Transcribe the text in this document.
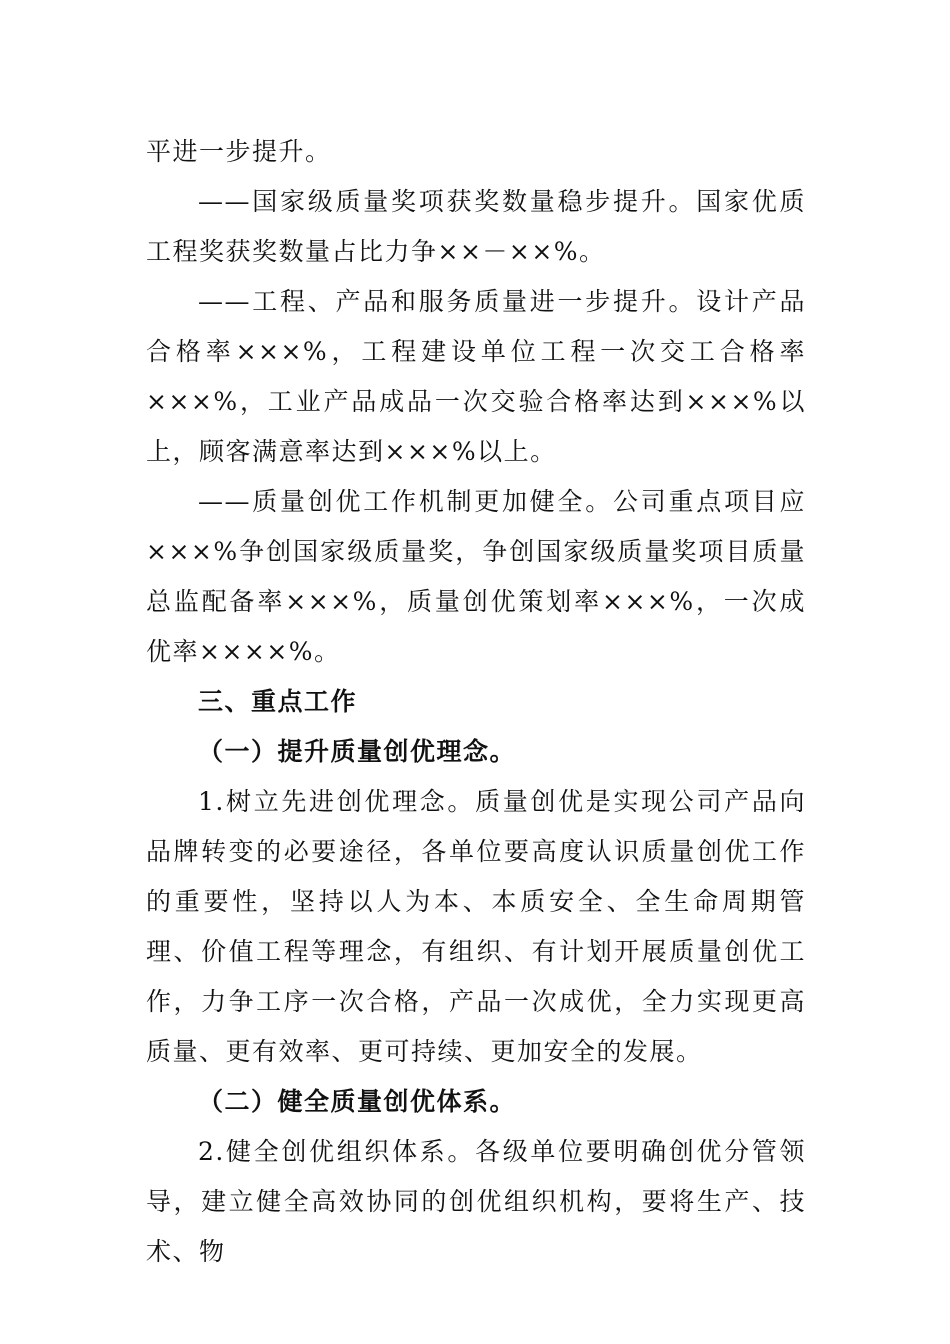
平进一步提升。

——国家级质量奖项获奖数量稳步提升。国家优质工程奖获奖数量占比力争××－××%。

——工程、产品和服务质量进一步提升。设计产品合格率×××%，工程建设单位工程一次交工合格率×××%，工业产品成品一次交验合格率达到×××%以上，顾客满意率达到×××%以上。

——质量创优工作机制更加健全。公司重点项目应×××%争创国家级质量奖，争创国家级质量奖项目质量总监配备率×××%，质量创优策划率×××%，一次成优率××××%。

三、重点工作

（一）提升质量创优理念。

1.树立先进创优理念。质量创优是实现公司产品向品牌转变的必要途径，各单位要高度认识质量创优工作的重要性，坚持以人为本、本质安全、全生命周期管理、价值工程等理念，有组织、有计划开展质量创优工作，力争工序一次合格，产品一次成优，全力实现更高质量、更有效率、更可持续、更加安全的发展。

（二）健全质量创优体系。

2.健全创优组织体系。各级单位要明确创优分管领导，建立健全高效协同的创优组织机构，要将生产、技术、物
